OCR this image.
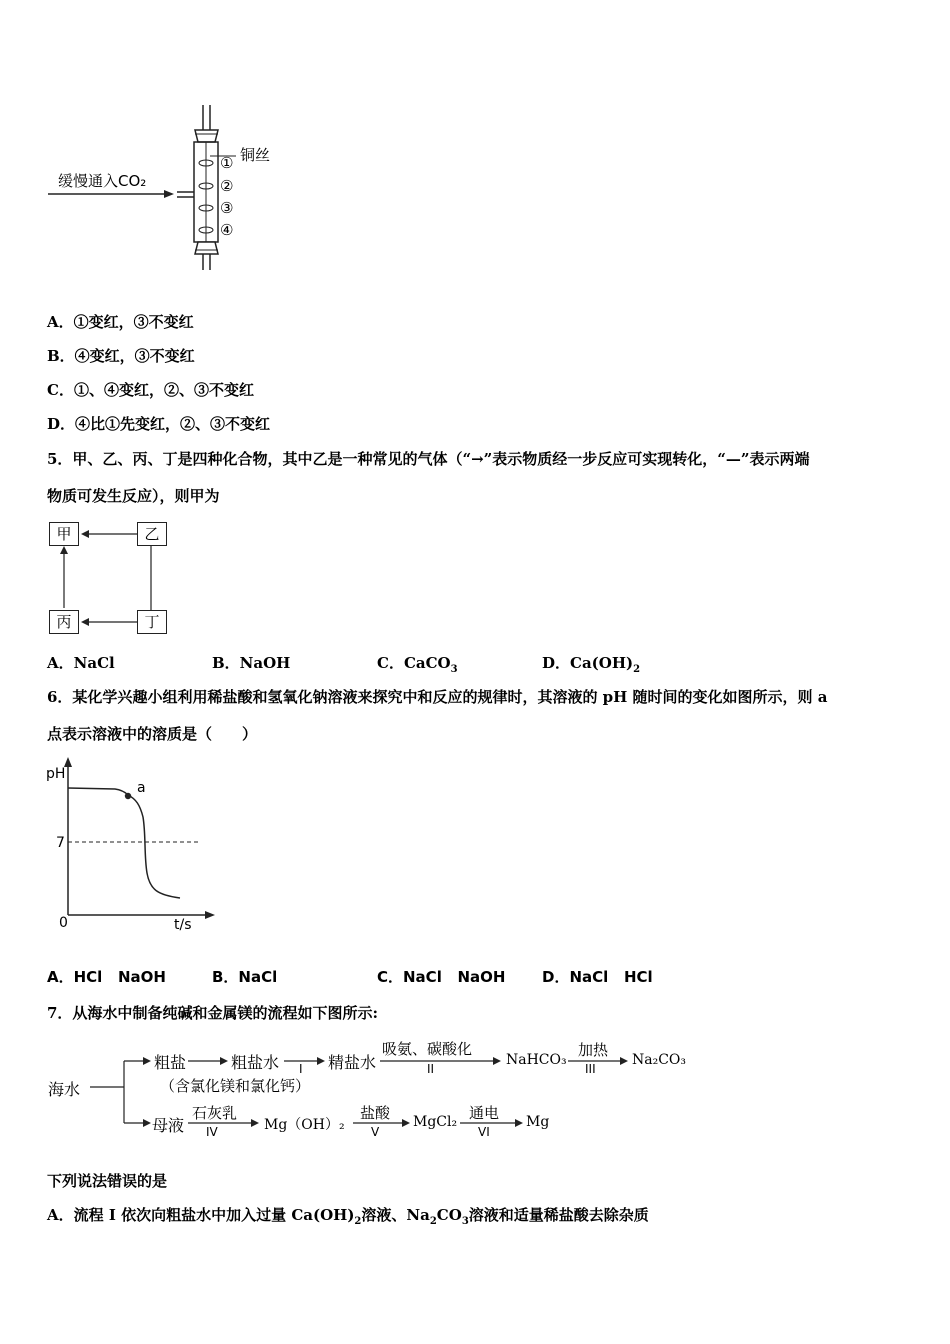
缓慢通入CO₂
铜丝
①
②
③
④
A．①变红，③不变红
B．④变红，③不变红
C．①、④变红，②、③不变红
D．④比①先变红，②、③不变红
5．甲、乙、丙、丁是四种化合物，其中乙是一种常见的气体（“→”表示物质经一步反应可实现转化，“—”表示两端
物质可发生反应），则甲为
甲	乙
丙	丁
A．NaCl	B．NaOH	C．CaCO$_3$	D．$Ca(OH)_2$
6．某化学兴趣小组利用稀盐酸和氢氧化钠溶液来探究中和反应的规律时，其溶液的 pH 随时间的变化如图所示，则 a
点表示溶液中的溶质是（　　）
pH
7
0	t/s
a
A．HCl   NaOH	B．NaCl	C．NaCl   NaOH D．NaCl   HCl
7．从海水中制备纯碱和金属镁的流程如下图所示:
海水
粗盐	粗盐水 I 精盐水
吸氨、碳酸化
II
NaHCO₃
加热
III
Na₂CO₃
（含氯化镁和氯化钙）
母液
石灰乳
IV	Mg（OH）₂
盐酸
V
MgCl₂ 通电
VI
Mg
下列说法错误的是
A．流程 I 依次向粗盐水中加入过量 $Ca(OH)_2$溶液、$Na_2CO_3$溶液和适量稀盐酸去除杂质
